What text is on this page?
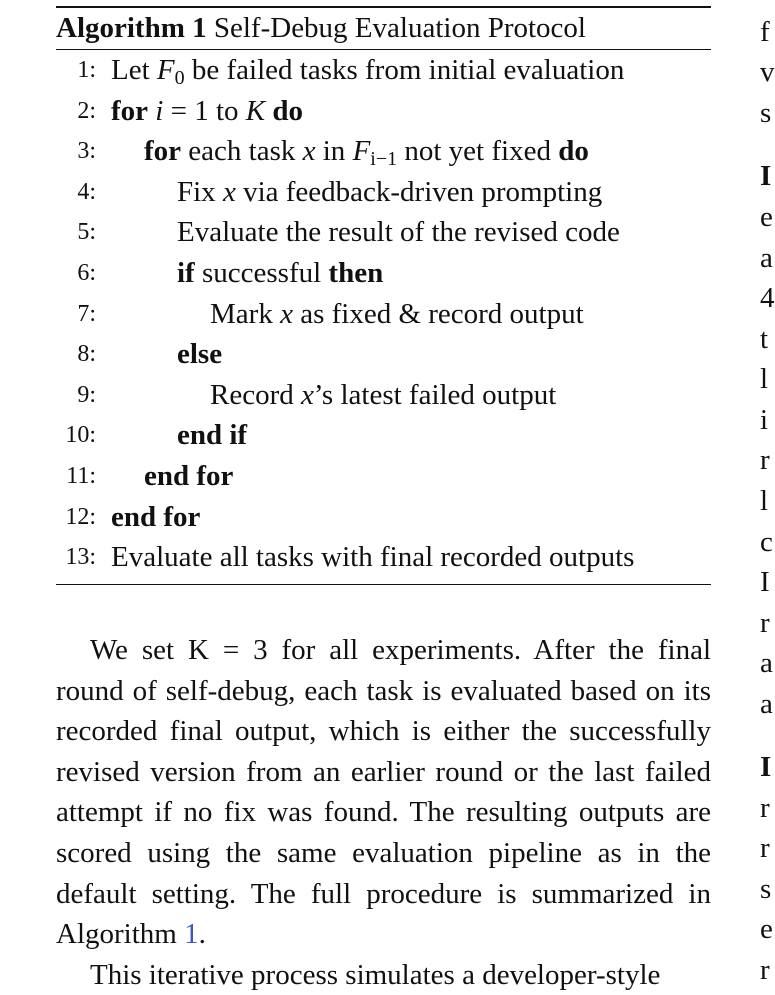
Algorithm 1 Self-Debug Evaluation Protocol
1: Let $F_0$ be failed tasks from initial evaluation
2: for i = 1 to K do
3: for each task x in $F_{i-1}$ not yet fixed do
4:	Fix x via feedback-driven prompting
5:	Evaluate the result of the revised code
6:	if successful then
7:	Mark x as fixed & record output
8:	else
9:	Record x’s latest failed output
10:	end if
11: end for
12: end for
13: Evaluate all tasks with final recorded outputs

We set K = 3 for all experiments. After the final round of self-debug, each task is evaluated based on its recorded final output, which is either the successfully revised version from an earlier round or the last failed attempt if no fix was found. The resulting outputs are scored using the same evaluation pipeline as in the default setting. The full procedure is summarized in Algorithm 1.

This iterative process simulates a developer-style

f
v
s
I
e
a
4
t
l
i
r
l
c
I
r
a
a
I
r
r
s
e
r
